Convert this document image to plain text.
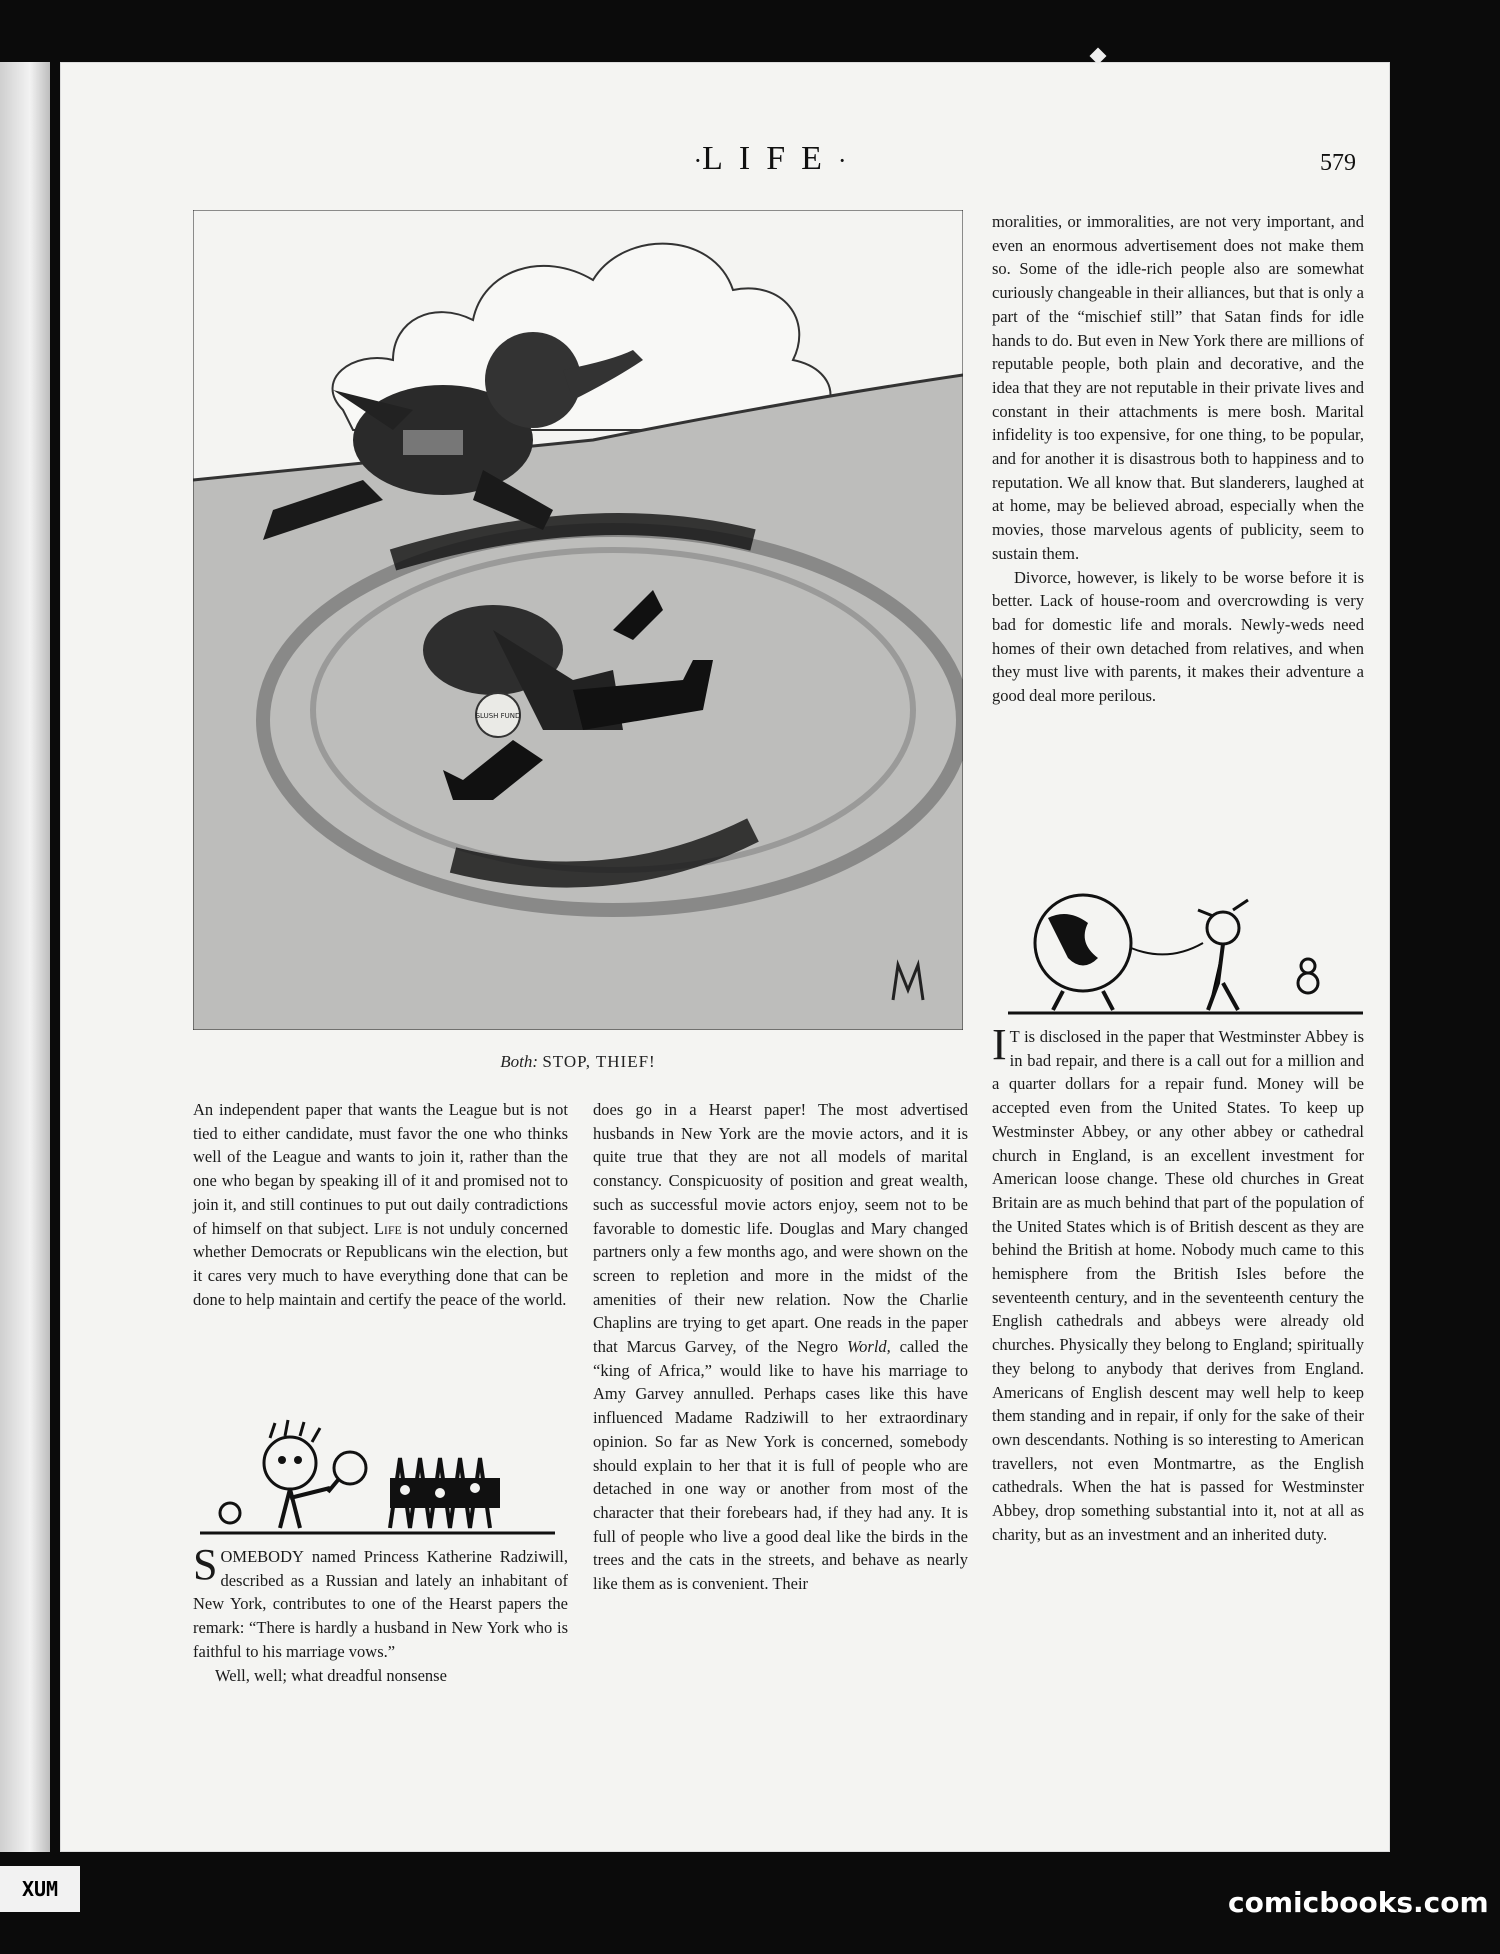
·LIFE·	579
SLUSH FUND
Both: STOP, THIEF!

An independent paper that wants the League but is not tied to either candidate, must favor the one who thinks well of the League and wants to join it, rather than the one who began by speaking ill of it and promised not to join it, and still continues to put out daily contradictions of himself on that subject. Life is not unduly concerned whether Democrats or Republicans win the election, but it cares very much to have everything done that can be done to help maintain and certify the peace of the world.

SOMEBODY named Princess Katherine Radziwill, described as a Russian and lately an inhabitant of New York, contributes to one of the Hearst papers the remark: “There is hardly a husband in New York who is faithful to his marriage vows.”

Well, well; what dreadful nonsense

does go in a Hearst paper! The most advertised husbands in New York are the movie actors, and it is quite true that they are not all models of marital constancy. Conspicuosity of position and great wealth, such as successful movie actors enjoy, seem not to be favorable to domestic life. Douglas and Mary changed partners only a few months ago, and were shown on the screen to repletion and more in the midst of the amenities of their new relation. Now the Charlie Chaplins are trying to get apart. One reads in the paper that Marcus Garvey, of the Negro World, called the “king of Africa,” would like to have his marriage to Amy Garvey annulled. Perhaps cases like this have influenced Madame Radziwill to her extraordinary opinion. So far as New York is concerned, somebody should explain to her that it is full of people who are detached in one way or another from most of the character that their forebears had, if they had any. It is full of people who live a good deal like the birds in the trees and the cats in the streets, and behave as nearly like them as is convenient. Their

moralities, or immoralities, are not very important, and even an enormous advertisement does not make them so. Some of the idle-rich people also are somewhat curiously changeable in their alliances, but that is only a part of the “mischief still” that Satan finds for idle hands to do. But even in New York there are millions of reputable people, both plain and decorative, and the idea that they are not reputable in their private lives and constant in their attachments is mere bosh. Marital infidelity is too expensive, for one thing, to be popular, and for another it is disastrous both to happiness and to reputation. We all know that. But slanderers, laughed at at home, may be believed abroad, especially when the movies, those marvelous agents of publicity, seem to sustain them.

Divorce, however, is likely to be worse before it is better. Lack of house-room and overcrowding is very bad for domestic life and morals. Newly-weds need homes of their own detached from relatives, and when they must live with parents, it makes their adventure a good deal more perilous.

I T is disclosed in the paper that Westminster Abbey is in bad repair, and there is a call out for a million and a quarter dollars for a repair fund. Money will be accepted even from the United States. To keep up Westminster Abbey, or any other abbey or cathedral church in England, is an excellent investment for American loose change. These old churches in Great Britain are as much behind that part of the population of the United States which is of British descent as they are behind the British at home. Nobody much came to this hemisphere from the British Isles before the seventeenth century, and in the seventeenth century the English cathedrals and abbeys were already old churches. Physically they belong to England; spiritually they belong to anybody that derives from England. Americans of English descent may well help to keep them standing and in repair, if only for the sake of their own descendants. Nothing is so interesting to American travellers, not even Montmartre, as the English cathedrals. When the hat is passed for Westminster Abbey, drop something substantial into it, not at all as charity, but as an investment and an inherited duty.

XUM	comicbooks.com
